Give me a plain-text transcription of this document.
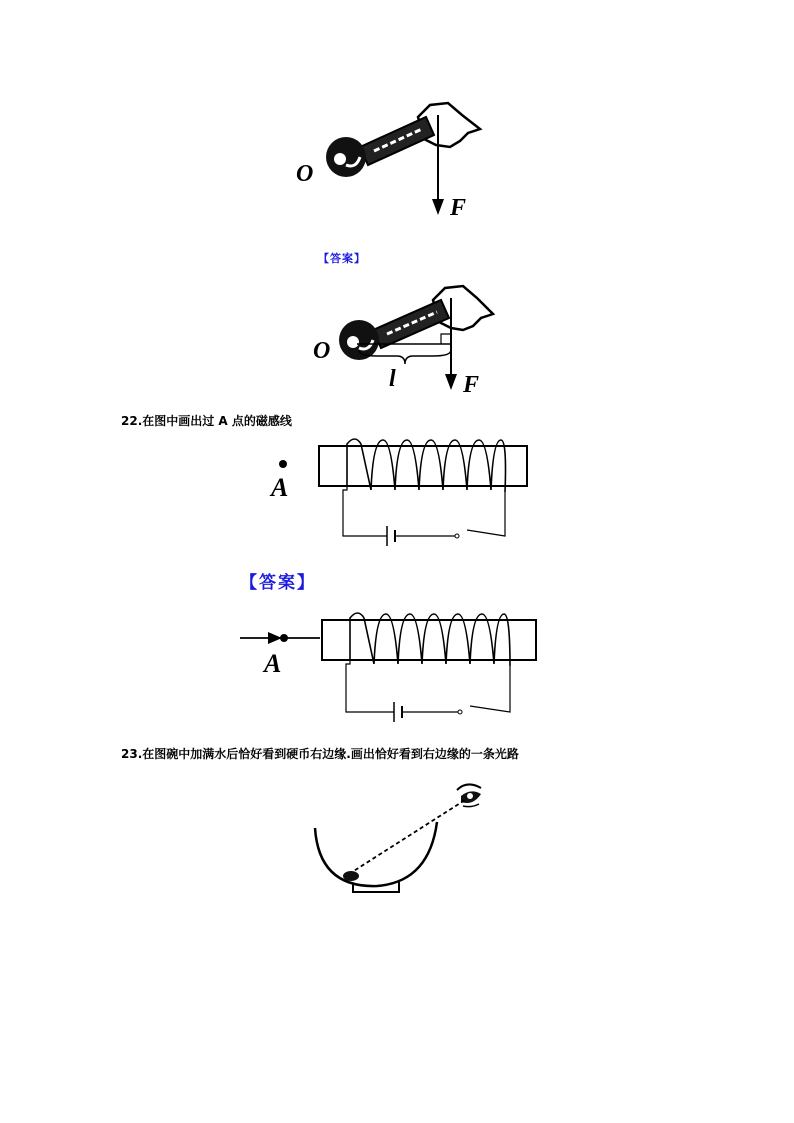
O
F
【答案】
O
F
l
22.在图中画出过 A 点的磁感线
A
【答案】
A
23.在图碗中加满水后恰好看到硬币右边缘.画出恰好看到右边缘的一条光路
